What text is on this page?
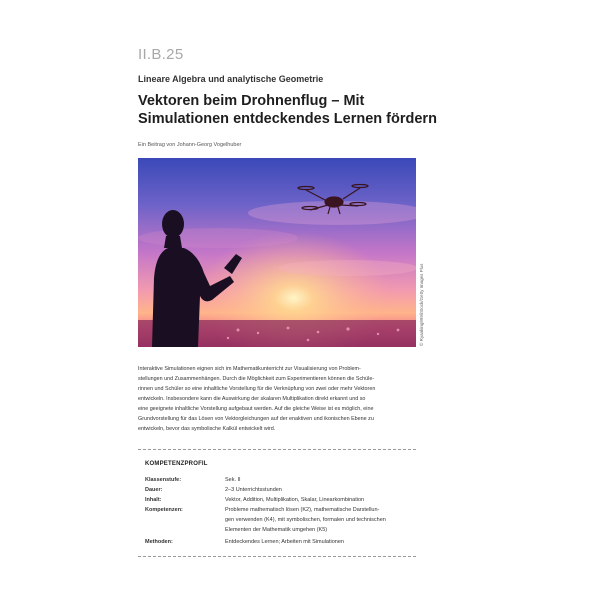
II.B.25
Lineare Algebra und analytische Geometrie
Vektoren beim Drohnenflug – Mit
Simulationen entdeckendes Lernen fördern
Ein Beitrag von Johann-Georg Vogelhuber
© Ryanking999/iStock/Getty Images Plus
Interaktive Simulationen eignen sich im Mathematikunterricht zur Visualisierung von Problem-
stellungen und Zusammenhängen. Durch die Möglichkeit zum Experimentieren können die Schüle-
rinnen und Schüler so eine inhaltliche Vorstellung für die Verknüpfung von zwei oder mehr Vektoren
entwickeln. Insbesondere kann die Auswirkung der skalaren Multiplikation direkt erkannt und so
eine geeignete inhaltliche Vorstellung aufgebaut werden. Auf die gleiche Weise ist es möglich, eine
Grundvorstellung für das Lösen von Vektorgleichungen auf der enaktiven und ikonischen Ebene zu
entwickeln, bevor das symbolische Kalkül entwickelt wird.
KOMPETENZPROFIL
Klassenstufe:	Sek. II
Dauer:	2–3 Unterrichtsstunden
Inhalt:	Vektor, Addition, Multiplikation, Skalar, Linearkombination
Kompetenzen:	Probleme mathematisch lösen (K2), mathematische Darstellun-
gen verwenden (K4), mit symbolischen, formalen und technischen
Elementen der Mathematik umgehen (K5)
Methoden:	Entdeckendes Lernen; Arbeiten mit Simulationen
